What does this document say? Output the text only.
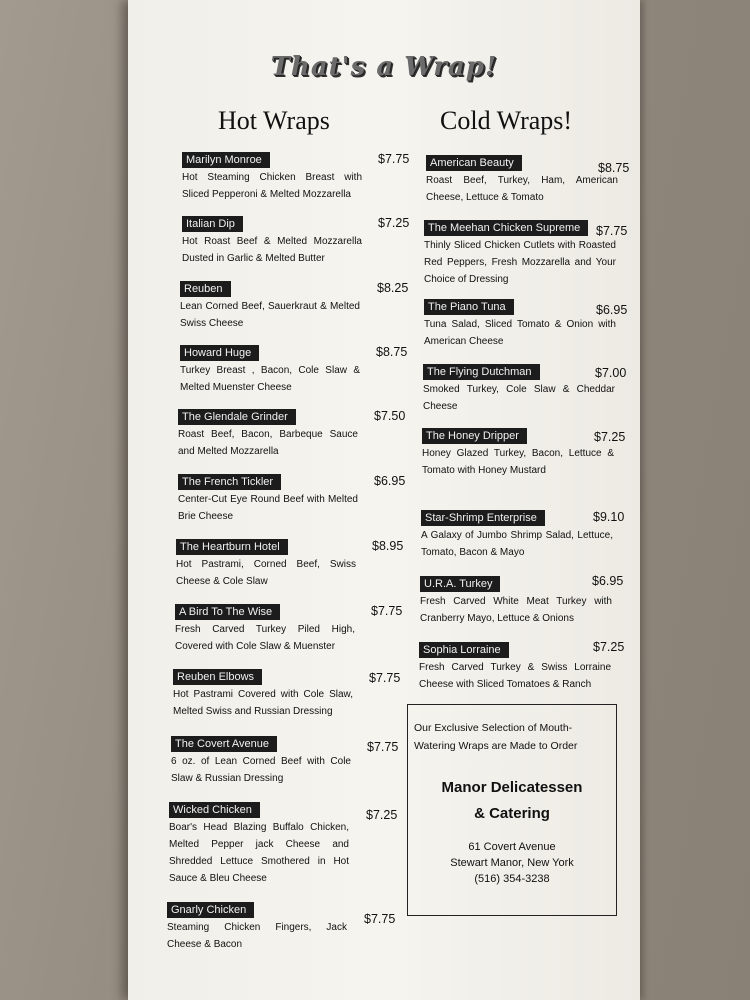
That's a Wrap!
Hot Wraps	Cold Wraps!
Marilyn Monroe	$7.75
Hot Steaming Chicken Breast with Sliced Pepperoni & Melted Mozzarella
Italian Dip	$7.25
Hot Roast Beef & Melted Mozzarella Dusted in Garlic & Melted Butter
Reuben	$8.25
Lean Corned Beef, Sauerkraut & Melted Swiss Cheese
Howard Huge	$8.75
Turkey Breast , Bacon, Cole Slaw & Melted Muenster Cheese
The Glendale Grinder	$7.50
Roast Beef, Bacon, Barbeque Sauce and Melted Mozzarella
The French Tickler	$6.95
Center-Cut Eye Round Beef with Melted Brie Cheese
The Heartburn Hotel	$8.95
Hot Pastrami, Corned Beef, Swiss Cheese & Cole Slaw
A Bird To The Wise	$7.75
Fresh Carved Turkey Piled High, Covered with Cole Slaw & Muenster
Reuben Elbows	$7.75
Hot Pastrami Covered with Cole Slaw, Melted Swiss and Russian Dressing
The Covert Avenue	$7.75
6 oz. of Lean Corned Beef with Cole Slaw & Russian Dressing
Wicked Chicken	$7.25
Boar's Head Blazing Buffalo Chicken, Melted Pepper jack Cheese and Shredded Lettuce Smothered in Hot Sauce & Bleu Cheese
Gnarly Chicken
$7.75
Steaming Chicken Fingers, Jack Cheese & Bacon
American Beauty	$8.75
Roast Beef, Turkey, Ham, American Cheese, Lettuce & Tomato
The Meehan Chicken Supreme $7.75
Thinly Sliced Chicken Cutlets with Roasted Red Peppers, Fresh Mozzarella and Your Choice of Dressing
The Piano Tuna	$6.95
Tuna Salad, Sliced Tomato & Onion with American Cheese
The Flying Dutchman	$7.00
Smoked Turkey, Cole Slaw & Cheddar Cheese
The Honey Dripper	$7.25
Honey Glazed Turkey, Bacon, Lettuce & Tomato with Honey Mustard
Star-Shrimp Enterprise	$9.10
A Galaxy of Jumbo Shrimp Salad, Lettuce, Tomato, Bacon & Mayo
U.R.A. Turkey	$6.95
Fresh Carved White Meat Turkey with Cranberry Mayo, Lettuce & Onions
Sophia Lorraine	$7.25
Fresh Carved Turkey & Swiss Lorraine Cheese with Sliced Tomatoes & Ranch
Our Exclusive Selection of Mouth-Watering Wraps are Made to Order
Manor Delicatessen
& Catering
61 Covert Avenue
Stewart Manor, New York
(516) 354-3238
